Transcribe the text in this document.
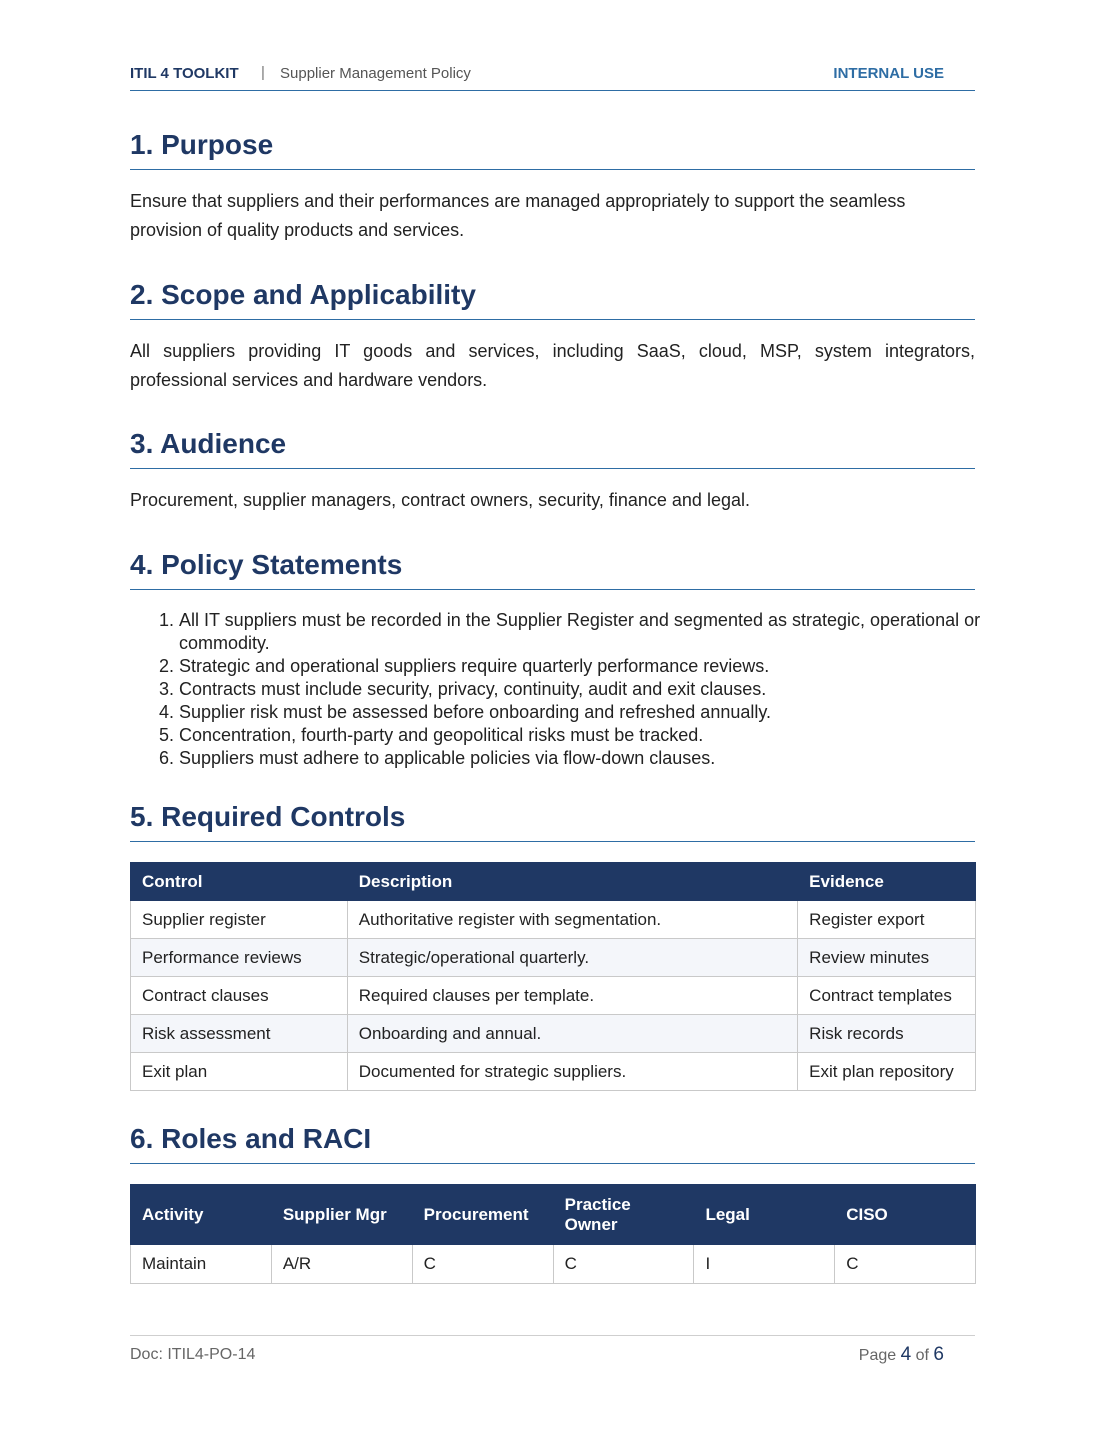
ITIL 4 TOOLKIT | Supplier Management Policy	INTERNAL USE
1. Purpose

Ensure that suppliers and their performances are managed appropriately to support the seamless provision of quality products and services.

2. Scope and Applicability

All suppliers providing IT goods and services, including SaaS, cloud, MSP, system integrators, professional services and hardware vendors.

3. Audience

Procurement, supplier managers, contract owners, security, finance and legal.

4. Policy Statements
1. All IT suppliers must be recorded in the Supplier Register and segmented as strategic, operational or commodity.
2. Strategic and operational suppliers require quarterly performance reviews.
3. Contracts must include security, privacy, continuity, audit and exit clauses.
4. Supplier risk must be assessed before onboarding and refreshed annually.
5. Concentration, fourth-party and geopolitical risks must be tracked.
6. Suppliers must adhere to applicable policies via flow-down clauses.
5. Required Controls
Control	Description	Evidence
Supplier register	Authoritative register with segmentation.	Register export
Performance reviews	Strategic/operational quarterly.	Review minutes
Contract clauses	Required clauses per template.	Contract templates
Risk assessment	Onboarding and annual.	Risk records
Exit plan	Documented for strategic suppliers.	Exit plan repository
6. Roles and RACI
Activity	Supplier Mgr	Procurement	Practice Owner	Legal	CISO
Maintain	A/R	C	C	I	C
Doc: ITIL4-PO-14	Page 4 of 6
